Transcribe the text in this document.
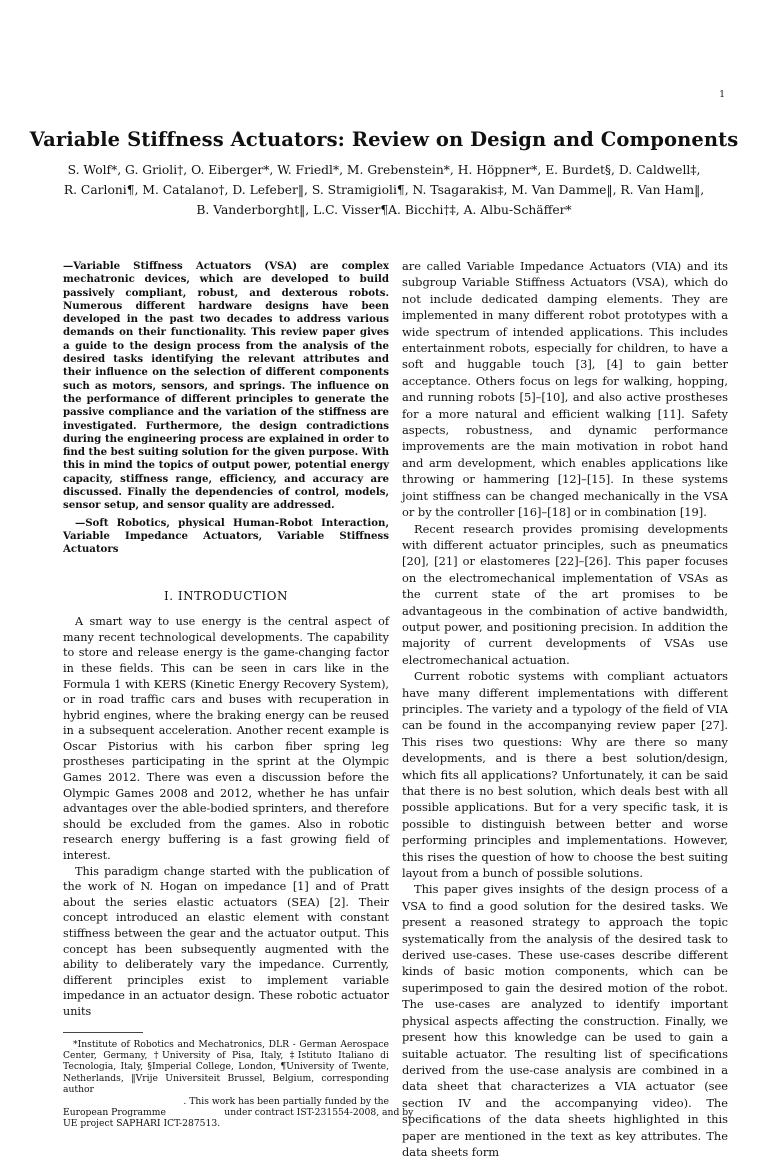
1
Variable Stiffness Actuators: Review on Design and Components
S. Wolf*, G. Grioli†, O. Eiberger*, W. Friedl*, M. Grebenstein*, H. Höppner*, E. Burdet§, D. Caldwell‡,
R. Carloni¶, M. Catalano†, D. Lefeber‖, S. Stramigioli¶, N. Tsagarakis‡, M. Van Damme‖, R. Van Ham‖,
B. Vanderborght‖, L.C. Visser¶A. Bicchi†‡, A. Albu-Schäffer*

—Variable Stiffness Actuators (VSA) are complex mechatronic devices, which are developed to build passively compliant, robust, and dexterous robots. Numerous different hardware designs have been developed in the past two decades to address various demands on their functionality. This review paper gives a guide to the design process from the analysis of the desired tasks identifying the relevant attributes and their influence on the selection of different components such as motors, sensors, and springs. The influence on the performance of different principles to generate the passive compliance and the variation of the stiffness are investigated. Furthermore, the design contradictions during the engineering process are explained in order to find the best suiting solution for the given purpose. With this in mind the topics of output power, potential energy capacity, stiffness range, efficiency, and accuracy are discussed. Finally the dependencies of control, models, sensor setup, and sensor quality are addressed.

—Soft Robotics, physical Human-Robot Interaction, Variable Impedance Actuators, Variable Stiffness Actuators

I. INTRODUCTION

A smart way to use energy is the central aspect of many recent technological developments. The capability to store and release energy is the game-changing factor in these fields. This can be seen in cars like in the Formula 1 with KERS (Kinetic Energy Recovery System), or in road traffic cars and buses with recuperation in hybrid engines, where the braking energy can be reused in a subsequent acceleration. Another recent example is Oscar Pistorius with his carbon fiber spring leg prostheses participating in the sprint at the Olympic Games 2012. There was even a discussion before the Olympic Games 2008 and 2012, whether he has unfair advantages over the able-bodied sprinters, and therefore should be excluded from the games. Also in robotic research energy buffering is a fast growing field of interest.

This paradigm change started with the publication of the work of N. Hogan on impedance [1] and of Pratt about the series elastic actuators (SEA) [2]. Their concept introduced an elastic element with constant stiffness between the gear and the actuator output. This concept has been subsequently augmented with the ability to deliberately vary the impedance. Currently, different principles exist to implement variable impedance in an actuator design. These robotic actuator units

*Institute of Robotics and Mechatronics, DLR - German Aerospace Center, Germany, †University of Pisa, Italy, ‡Istituto Italiano di Tecnologia, Italy, §Imperial College, London, ¶University of Twente, Netherlands, ‖Vrije Universiteit Brussel, Belgium, corresponding author

. This work has been partially funded by the

European Programme                    under contract IST-231554-2008, and by

UE project SAPHARI ICT-287513.

are called Variable Impedance Actuators (VIA) and its subgroup Variable Stiffness Actuators (VSA), which do not include dedicated damping elements. They are implemented in many different robot prototypes with a wide spectrum of intended applications. This includes entertainment robots, especially for children, to have a soft and huggable touch [3], [4] to gain better acceptance. Others focus on legs for walking, hopping, and running robots [5]–[10], and also active prostheses for a more natural and efficient walking [11]. Safety aspects, robustness, and dynamic performance improvements are the main motivation in robot hand and arm development, which enables applications like throwing or hammering [12]–[15]. In these systems joint stiffness can be changed mechanically in the VSA or by the controller [16]–[18] or in combination [19].

Recent research provides promising developments with different actuator principles, such as pneumatics [20], [21] or elastomeres [22]–[26]. This paper focuses on the electromechanical implementation of VSAs as the current state of the art promises to be advantageous in the combination of active bandwidth, output power, and positioning precision. In addition the majority of current developments of VSAs use electromechanical actuation.

Current robotic systems with compliant actuators have many different implementations with different principles. The variety and a typology of the field of VIA can be found in the accompanying review paper [27]. This rises two questions: Why are there so many developments, and is there a best solution/design, which fits all applications? Unfortunately, it can be said that there is no best solution, which deals best with all possible applications. But for a very specific task, it is possible to distinguish between better and worse performing principles and implementations. However, this rises the question of how to choose the best suiting layout from a bunch of possible solutions.

This paper gives insights of the design process of a VSA to find a good solution for the desired tasks. We present a reasoned strategy to approach the topic systematically from the analysis of the desired task to derived use-cases. These use-cases describe different kinds of basic motion components, which can be superimposed to gain the desired motion of the robot. The use-cases are analyzed to identify important physical aspects affecting the construction. Finally, we present how this knowledge can be used to gain a suitable actuator. The resulting list of specifications derived from the use-case analysis are combined in a data sheet that characterizes a VIA actuator (see section IV and the accompanying video). The specifications of the data sheets highlighted in this paper are mentioned in the text as key attributes. The data sheets form
